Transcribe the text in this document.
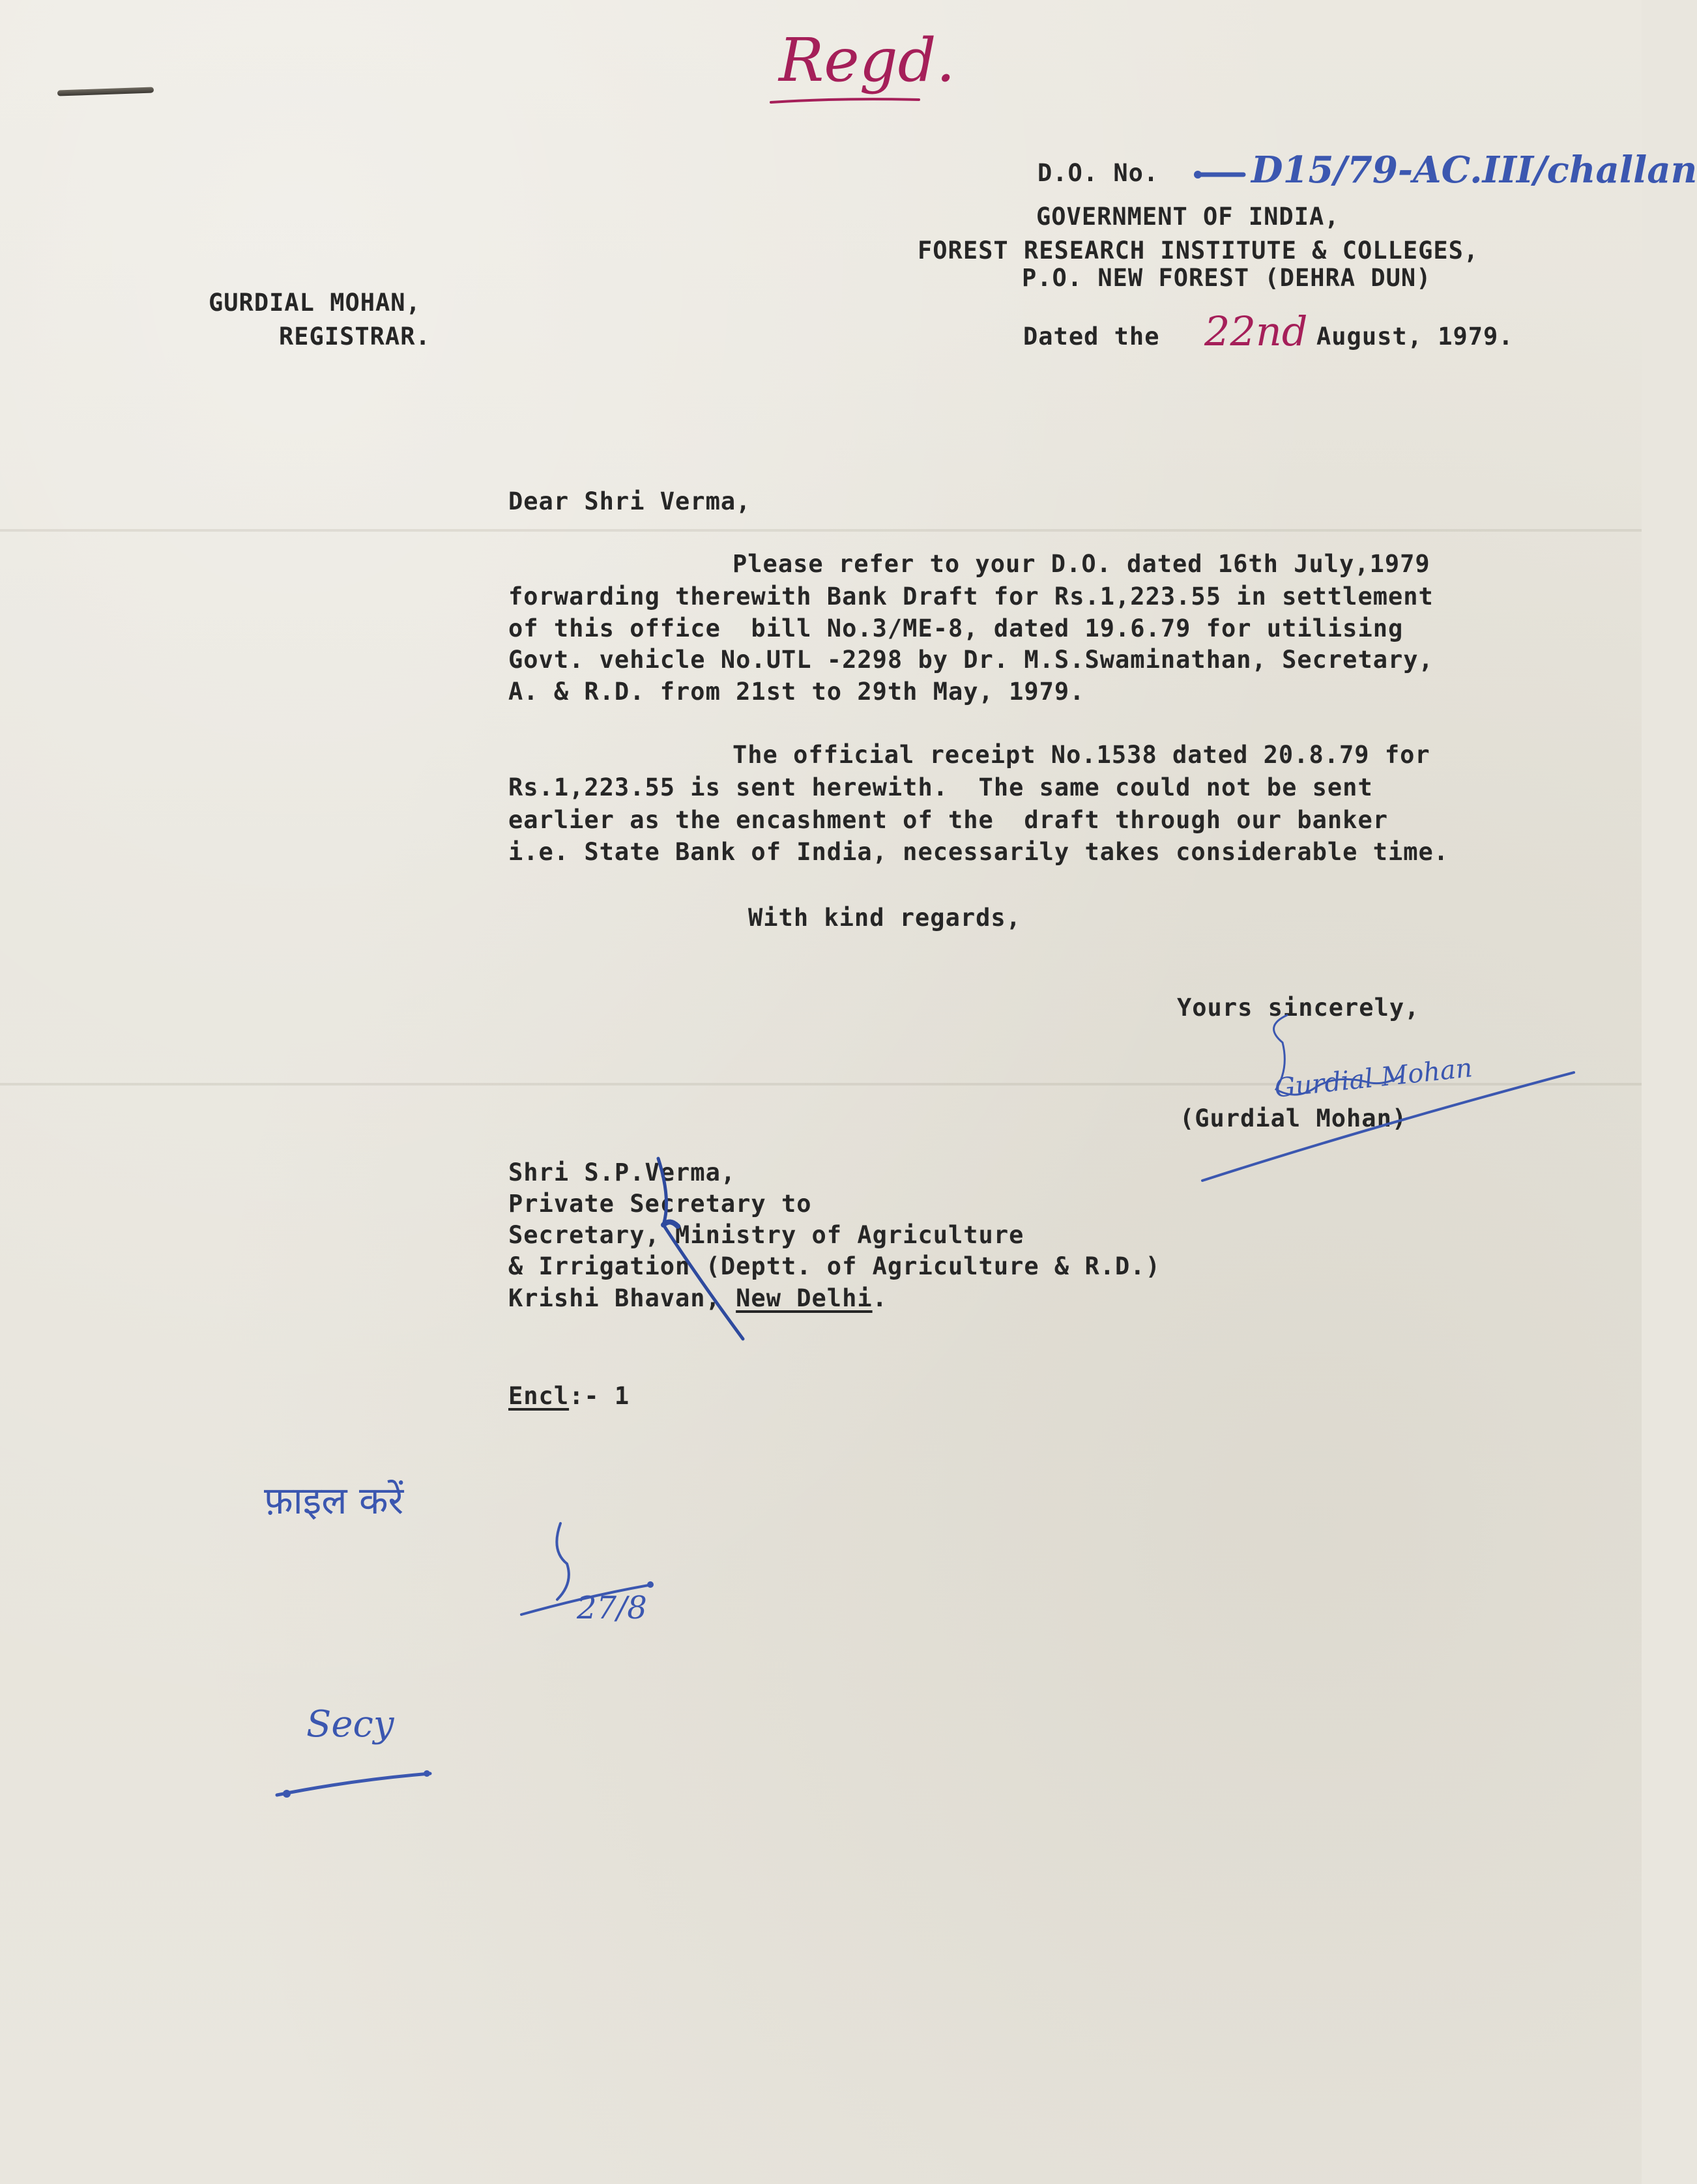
Regd.
D.O. No.	D15/79-AC.III/challan
GOVERNMENT OF INDIA,
FOREST RESEARCH INSTITUTE & COLLEGES,
P.O. NEW FOREST (DEHRA DUN)
GURDIAL MOHAN,
REGISTRAR.	Dated the 22nd August, 1979.
Dear Shri Verma,
Please refer to your D.O. dated 16th July,1979
forwarding therewith Bank Draft for Rs.1,223.55 in settlement
of this office  bill No.3/ME-8, dated 19.6.79 for utilising
Govt. vehicle No.UTL -2298 by Dr. M.S.Swaminathan, Secretary,
A. & R.D. from 21st to 29th May, 1979.
The official receipt No.1538 dated 20.8.79 for
Rs.1,223.55 is sent herewith.  The same could not be sent
earlier as the encashment of the  draft through our banker
i.e. State Bank of India, necessarily takes considerable time.
With kind regards,
Yours sincerely,
Gurdial Mohan
(Gurdial Mohan)
Shri S.P.Verma,
Private Secretary to
Secretary, Ministry of Agriculture
& Irrigation (Deptt. of Agriculture & R.D.)
Krishi Bhavan, New Delhi.
Encl:- 1
फ़ाइल करें
27/8
Secy
